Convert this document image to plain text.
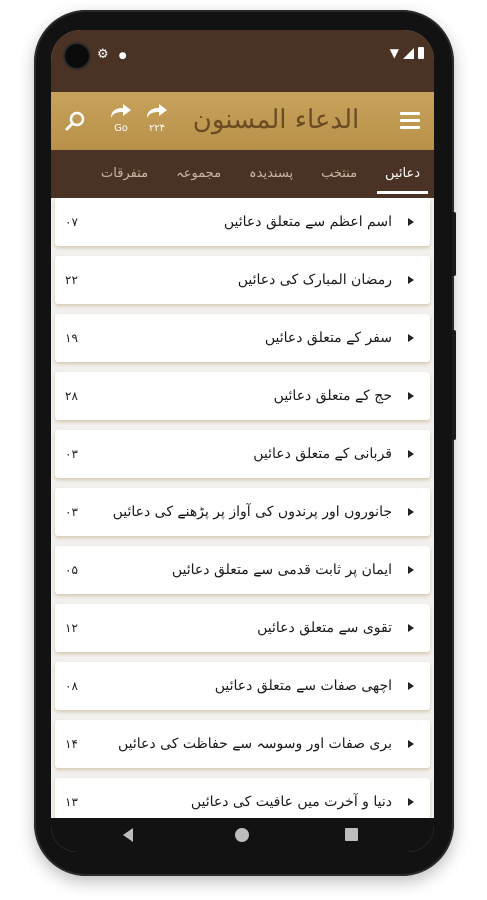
⚙ ●	▼
Go	۲۲۴ الدعاء المسنون
دعائیں
منتخب
پسندیدہ
مجموعہ
متفرقات
۰۷	اسم اعظم سے متعلق دعائیں
۲۲	رمضان المبارک کی دعائیں
۱۹	سفر کے متعلق دعائیں
۲۸	حج کے متعلق دعائیں
۰۳	قربانی کے متعلق دعائیں
۰۳ جانوروں اور پرندوں کی آواز پر پڑھنے کی دعائیں
۰۵	ایمان پر ثابت قدمی سے متعلق دعائیں
۱۲	تقوی سے متعلق دعائیں
۰۸	اچھی صفات سے متعلق دعائیں
۱۴	بری صفات اور وسوسہ سے حفاظت کی دعائیں
۱۳	دنیا و آخرت میں عافیت کی دعائیں
